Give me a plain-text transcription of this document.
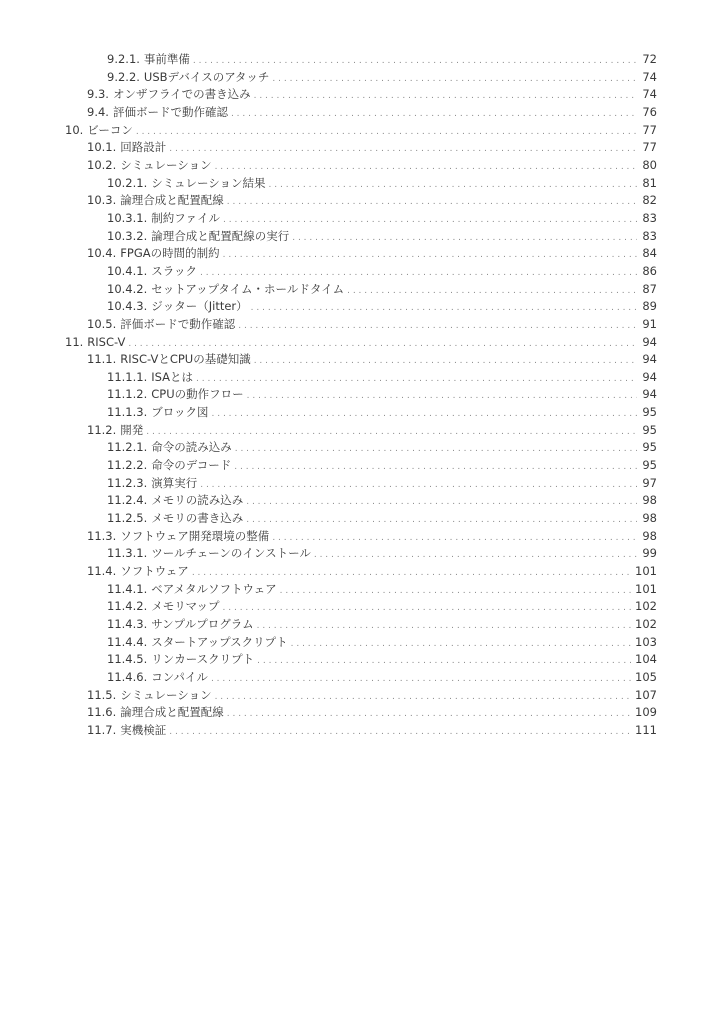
9.2.1. 事前準備 . . .	72
9.2.2. USBデバイスのアタッチ . . .	74
9.3. オンザフライでの書き込み . . .	74
9.4. 評価ボードで動作確認 . . .	76
10. ビーコン . . .	77
10.1. 回路設計 . . .	77
10.2. シミュレーション . . .	80
10.2.1. シミュレーション結果 . . .	81
10.3. 論理合成と配置配線 . . .	82
10.3.1. 制約ファイル . . .	83
10.3.2. 論理合成と配置配線の実行 . . .	83
10.4. FPGAの時間的制約 . . .	84
10.4.1. スラック . . .	86
10.4.2. セットアップタイム・ホールドタイム . . .	87
10.4.3. ジッター（Jitter） . . .	89
10.5. 評価ボードで動作確認 . . .	91
11. RISC-V . . .	94
11.1. RISC-VとCPUの基礎知識 . . .	94
11.1.1. ISAとは . . .	94
11.1.2. CPUの動作フロー . . .	94
11.1.3. ブロック図 . . .	95
11.2. 開発 . . .	95
11.2.1. 命令の読み込み . . .	95
11.2.2. 命令のデコード . . .	95
11.2.3. 演算実行 . . .	97
11.2.4. メモリの読み込み . . .	98
11.2.5. メモリの書き込み . . .	98
11.3. ソフトウェア開発環境の整備 . . .	98
11.3.1. ツールチェーンのインストール . . .	99
11.4. ソフトウェア . . .	101
11.4.1. ベアメタルソフトウェア . . .	101
11.4.2. メモリマップ . . .	102
11.4.3. サンプルプログラム . . .	102
11.4.4. スタートアップスクリプト . . .	103
11.4.5. リンカースクリプト . . .	104
11.4.6. コンパイル . . .	105
11.5. シミュレーション . . .	107
11.6. 論理合成と配置配線 . . .	109
11.7. 実機検証 . . .	111
